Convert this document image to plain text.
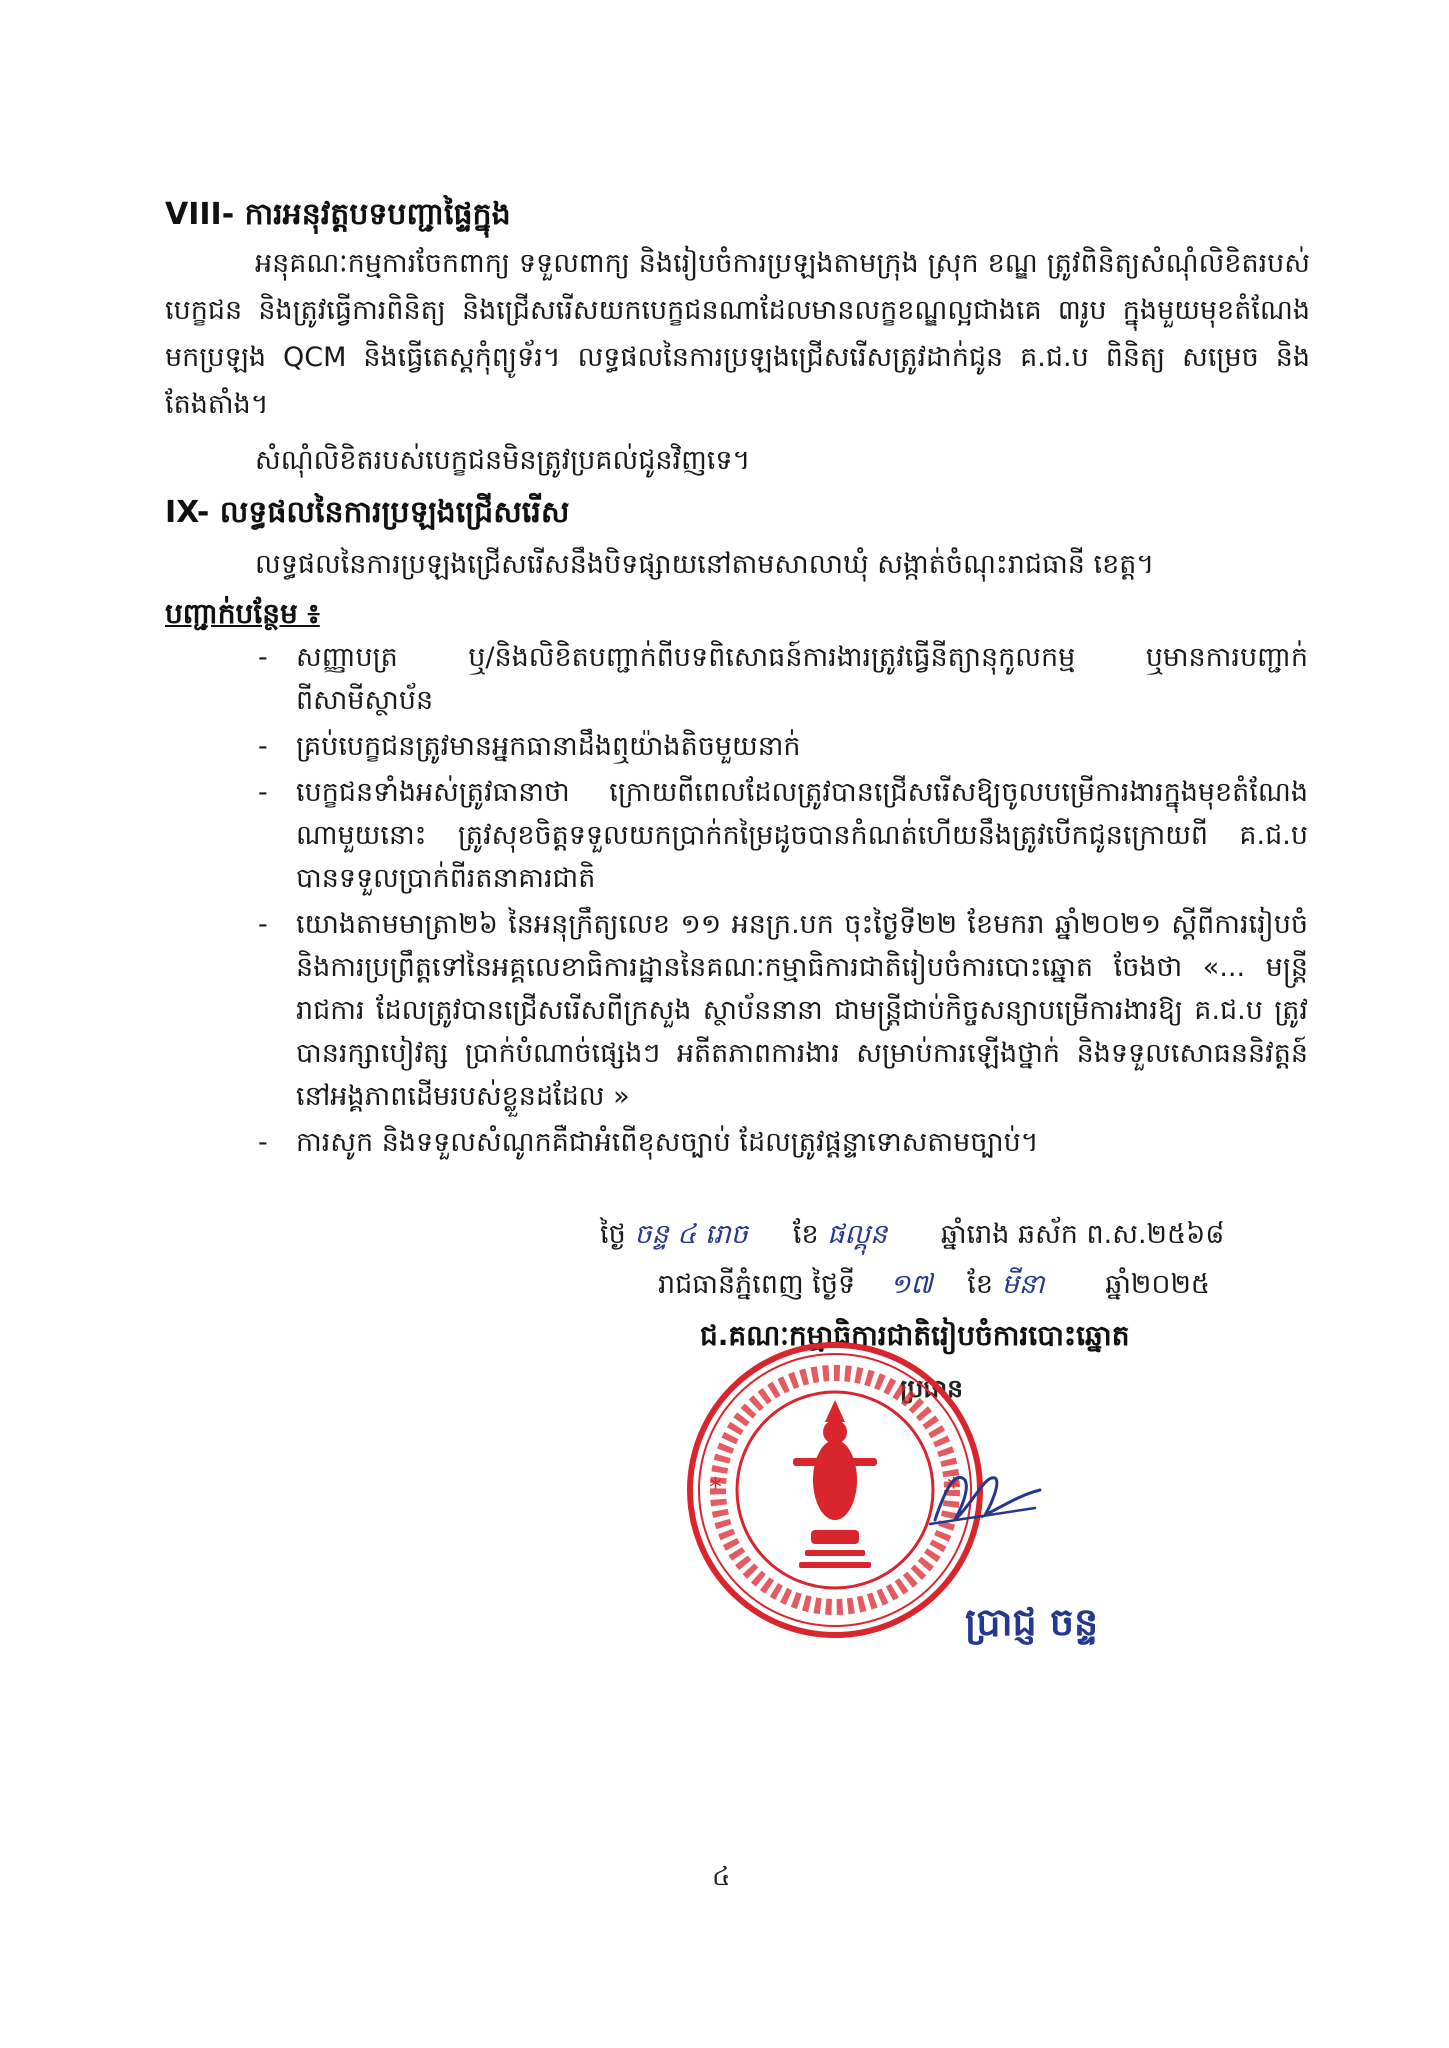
VIII- ការអនុវត្តបទបញ្ជាផ្ទៃក្នុង
អនុគណៈកម្មការចែកពាក្យ ទទួលពាក្យ និងរៀបចំការប្រឡងតាមក្រុង ស្រុក ខណ្ឌ ត្រូវពិនិត្យសំណុំលិខិតរបស់បេក្ខជន និងត្រូវធ្វើការពិនិត្យ និងជ្រើសរើសយកបេក្ខជនណាដែលមានលក្ខខណ្ឌល្អជាងគេ ៣រូប ក្នុងមួយមុខតំណែង មកប្រឡង QCM និងធ្វើតេស្តកុំព្យូទ័រ។ លទ្ធផលនៃការប្រឡងជ្រើសរើសត្រូវដាក់ជូន គ.ជ.ប ពិនិត្យ សម្រេច និងតែងតាំង។
សំណុំលិខិតរបស់បេក្ខជនមិនត្រូវប្រគល់ជូនវិញទេ។
IX- លទ្ធផលនៃការប្រឡងជ្រើសរើស
លទ្ធផលនៃការប្រឡងជ្រើសរើសនឹងបិទផ្សាយនៅតាមសាលាឃុំ សង្កាត់ចំណុះរាជធានី ខេត្ត។
បញ្ជាក់បន្ថែម ៖
- សញ្ញាបត្រ ឬ/និងលិខិតបញ្ជាក់ពីបទពិសោធន៍ការងារត្រូវធ្វើនីត្យានុកូលកម្ម ឬមានការបញ្ជាក់ពីសាមីស្ថាប័ន
- គ្រប់បេក្ខជនត្រូវមានអ្នកធានាដឹងឮយ៉ាងតិចមួយនាក់
- បេក្ខជនទាំងអស់ត្រូវធានាថា ក្រោយពីពេលដែលត្រូវបានជ្រើសរើសឱ្យចូលបម្រើការងារក្នុងមុខតំណែងណាមួយនោះ ត្រូវសុខចិត្តទទួលយកប្រាក់កម្រៃដូចបានកំណត់ហើយនឹងត្រូវបើកជូនក្រោយពី គ.ជ.ប បានទទួលប្រាក់ពីរតនាគារជាតិ
- យោងតាមមាត្រា២៦ នៃអនុក្រឹត្យលេខ ១១ អនក្រ.បក ចុះថ្ងៃទី២២ ខែមករា ឆ្នាំ២០២១ ស្តីពីការរៀបចំ និងការប្រព្រឹត្តទៅនៃអគ្គលេខាធិការដ្ឋាននៃគណៈកម្មាធិការជាតិរៀបចំការបោះឆ្នោត ចែងថា «... មន្ត្រីរាជការ ដែលត្រូវបានជ្រើសរើសពីក្រសួង ស្ថាប័ននានា ជាមន្ត្រីជាប់កិច្ចសន្យាបម្រើការងារឱ្យ គ.ជ.ប ត្រូវបានរក្សាបៀវត្ស ប្រាក់បំណាច់ផ្សេងៗ អតីតភាពការងារ សម្រាប់ការឡើងថ្នាក់ និងទទួលសោធននិវត្តន៍នៅអង្គភាពដើមរបស់ខ្លួនដដែល »
- ការសូក និងទទួលសំណូកគឺជាអំពើខុសច្បាប់ ដែលត្រូវផ្តន្ទាទោសតាមច្បាប់។
ថ្ងៃ ចន្ទ ៤ រោច ខែ ផល្គុន ឆ្នាំរោង ឆស័ក ព.ស.២៥៦៨
រាជធានីភ្នំពេញ ថ្ងៃទី ១៧ ខែ មីនា ឆ្នាំ២០២៥
ជ.គណៈកម្មាធិការជាតិរៀបចំការបោះឆ្នោត
ប្រធាន
*	*
ប្រាជ្ញ ចន្ទ
៤
